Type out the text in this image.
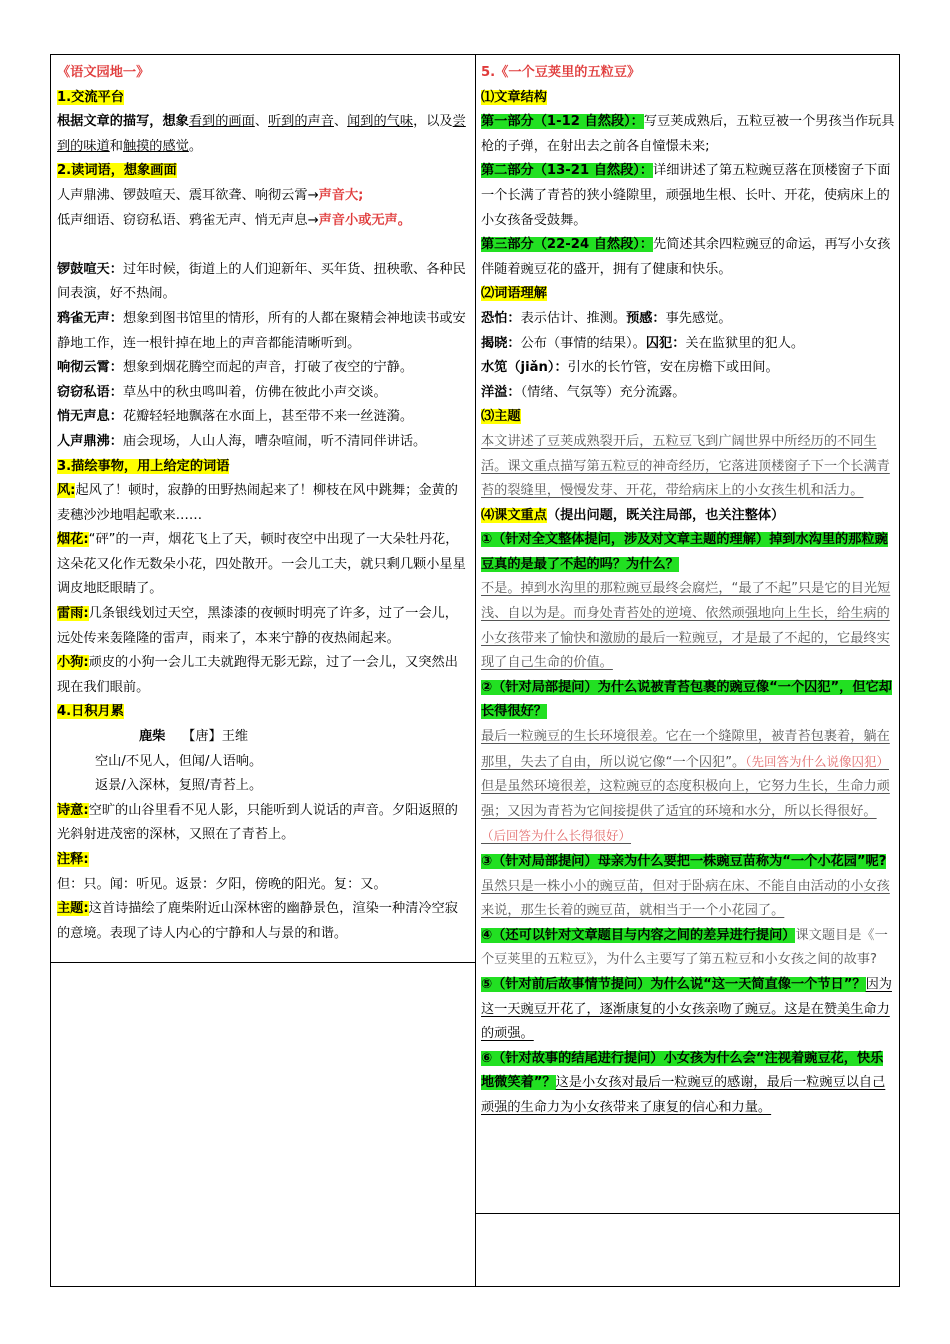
《语文园地一》

1.交流平台

根据文章的描写，想象看到的画面、听到的声音、闻到的气味，以及尝到的味道和触摸的感觉。

2.读词语，想象画面

人声鼎沸、锣鼓喧天、震耳欲聋、响彻云霄→声音大;

低声细语、窃窃私语、鸦雀无声、悄无声息→声音小或无声。

锣鼓喧天：过年时候，街道上的人们迎新年、买年货、扭秧歌、各种民间表演，好不热闹。

鸦雀无声：想象到图书馆里的情形，所有的人都在聚精会神地读书或安静地工作，连一根针掉在地上的声音都能清晰听到。

响彻云霄：想象到烟花腾空而起的声音，打破了夜空的宁静。

窃窃私语：草丛中的秋虫鸣叫着，仿佛在彼此小声交谈。

悄无声息：花瓣轻轻地飘落在水面上，甚至带不来一丝涟漪。

人声鼎沸：庙会现场，人山人海，嘈杂喧闹，听不清同伴讲话。

3.描绘事物，用上给定的词语

风:起风了！顿时，寂静的田野热闹起来了！柳枝在风中跳舞；金黄的麦穗沙沙地唱起歌来……

烟花:“砰”的一声，烟花飞上了天，顿时夜空中出现了一大朵牡丹花，这朵花又化作无数朵小花，四处散开。一会儿工夫，就只剩几颗小星星调皮地眨眼睛了。

雷雨:几条银线划过天空，黑漆漆的夜顿时明亮了许多，过了一会儿，远处传来轰隆隆的雷声，雨来了，本来宁静的夜热闹起来。

小狗:顽皮的小狗一会儿工夫就跑得无影无踪，过了一会儿，又突然出现在我们眼前。

4.日积月累

鹿柴 【唐】王维

空山/不见人，但闻/人语响。

返景/入深林，复照/青苔上。

诗意:空旷的山谷里看不见人影，只能听到人说话的声音。夕阳返照的光斜射进茂密的深林，又照在了青苔上。

注释:

但：只。闻：听见。返景：夕阳，傍晚的阳光。复：又。

主题:这首诗描绘了鹿柴附近山深林密的幽静景色，渲染一种清冷空寂的意境。表现了诗人内心的宁静和人与景的和谐。

5.《一个豆荚里的五粒豆》

⑴文章结构

第一部分（1-12 自然段）：写豆荚成熟后，五粒豆被一个男孩当作玩具枪的子弹，在射出去之前各自憧憬未来;

第二部分（13-21 自然段）：详细讲述了第五粒豌豆落在顶楼窗子下面一个长满了青苔的狭小缝隙里，顽强地生根、长叶、开花，使病床上的小女孩备受鼓舞。

第三部分（22-24 自然段）：先简述其余四粒豌豆的命运，再写小女孩伴随着豌豆花的盛开，拥有了健康和快乐。

⑵词语理解

恐怕：表示估计、推测。预感：事先感觉。

揭晓：公布（事情的结果）。囚犯：关在监狱里的犯人。

水笕（jiǎn）：引水的长竹管，安在房檐下或田间。

洋溢：（情绪、气氛等）充分流露。

⑶主题

本文讲述了豆荚成熟裂开后，五粒豆飞到广阔世界中所经历的不同生活。课文重点描写第五粒豆的神奇经历，它落进顶楼窗子下一个长满青苔的裂缝里，慢慢发芽、开花，带给病床上的小女孩生机和活力。

⑷课文重点（提出问题，既关注局部，也关注整体）

①（针对全文整体提问，涉及对文章主题的理解）掉到水沟里的那粒豌豆真的是最了不起的吗？为什么？

不是。掉到水沟里的那粒豌豆最终会腐烂，“最了不起”只是它的目光短浅、自以为是。而身处青苔处的逆境、依然顽强地向上生长，给生病的小女孩带来了愉快和激励的最后一粒豌豆，才是最了不起的，它最终实现了自己生命的价值。

②（针对局部提问）为什么说被青苔包裹的豌豆像“一个囚犯”，但它却长得很好？

最后一粒豌豆的生长环境很差。它在一个缝隙里，被青苔包裹着，躺在那里，失去了自由，所以说它像“一个囚犯”。（先回答为什么说像囚犯）但是虽然环境很差，这粒豌豆的态度积极向上，它努力生长，生命力顽强；又因为青苔为它间接提供了适宜的环境和水分，所以长得很好。（后回答为什么长得很好）

③（针对局部提问）母亲为什么要把一株豌豆苗称为“一个小花园”呢?

虽然只是一株小小的豌豆苗，但对于卧病在床、不能自由活动的小女孩来说，那生长着的豌豆苗，就相当于一个小花园了。

④（还可以针对文章题目与内容之间的差异进行提问）课文题目是《一个豆荚里的五粒豆》，为什么主要写了第五粒豆和小女孩之间的故事?

⑤（针对前后故事情节提问）为什么说“这一天简直像一个节日”？因为这一天豌豆开花了，逐渐康复的小女孩亲吻了豌豆。这是在赞美生命力的顽强。

⑥（针对故事的结尾进行提问）小女孩为什么会“注视着豌豆花，快乐地微笑着”？这是小女孩对最后一粒豌豆的感谢，最后一粒豌豆以自己顽强的生命力为小女孩带来了康复的信心和力量。
